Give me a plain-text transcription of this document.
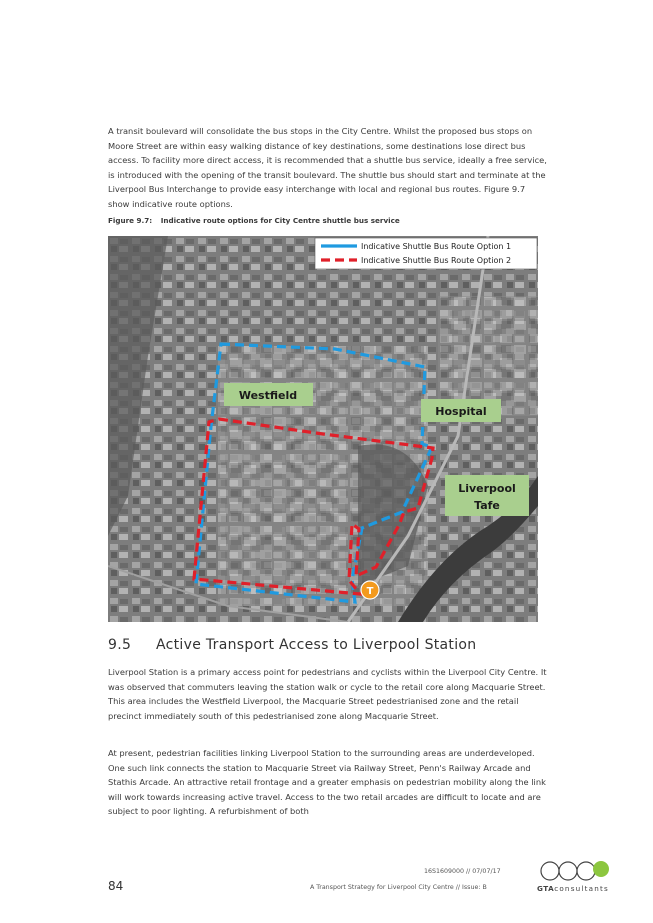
A transit boulevard will consolidate the bus stops in the City Centre. Whilst the proposed bus stops on Moore Street are within easy walking distance of key destinations, some destinations lose direct bus access. To facility more direct access, it is recommended that a shuttle bus service, ideally a free service, is introduced with the opening of the transit boulevard. The shuttle bus should start and terminate at the Liverpool Bus Interchange to provide easy interchange with local and regional bus routes. Figure 9.7 show indicative route options.

Figure 9.7: Indicative route options for City Centre shuttle bus service
Westfield
Hospital
Liverpool
Tafe
T
Indicative Shuttle Bus Route Option 1
Indicative Shuttle Bus Route Option 2
9.5 Active Transport Access to Liverpool Station

Liverpool Station is a primary access point for pedestrians and cyclists within the Liverpool City Centre. It was observed that commuters leaving the station walk or cycle to the retail core along Macquarie Street. This area includes the Westfield Liverpool, the Macquarie Street pedestrianised zone and the retail precinct immediately south of this pedestrianised zone along Macquarie Street.

At present, pedestrian facilities linking Liverpool Station to the surrounding areas are underdeveloped. One such link connects the station to Macquarie Street via Railway Street, Penn's Railway Arcade and Stathis Arcade. An attractive retail frontage and a greater emphasis on pedestrian mobility along the link will work towards increasing active travel. Access to the two retail arcades are difficult to locate and are subject to poor lighting. A refurbishment of both

16S1609000 // 07/07/17
A Transport Strategy for Liverpool City Centre // Issue: B
84	GTAconsultants
